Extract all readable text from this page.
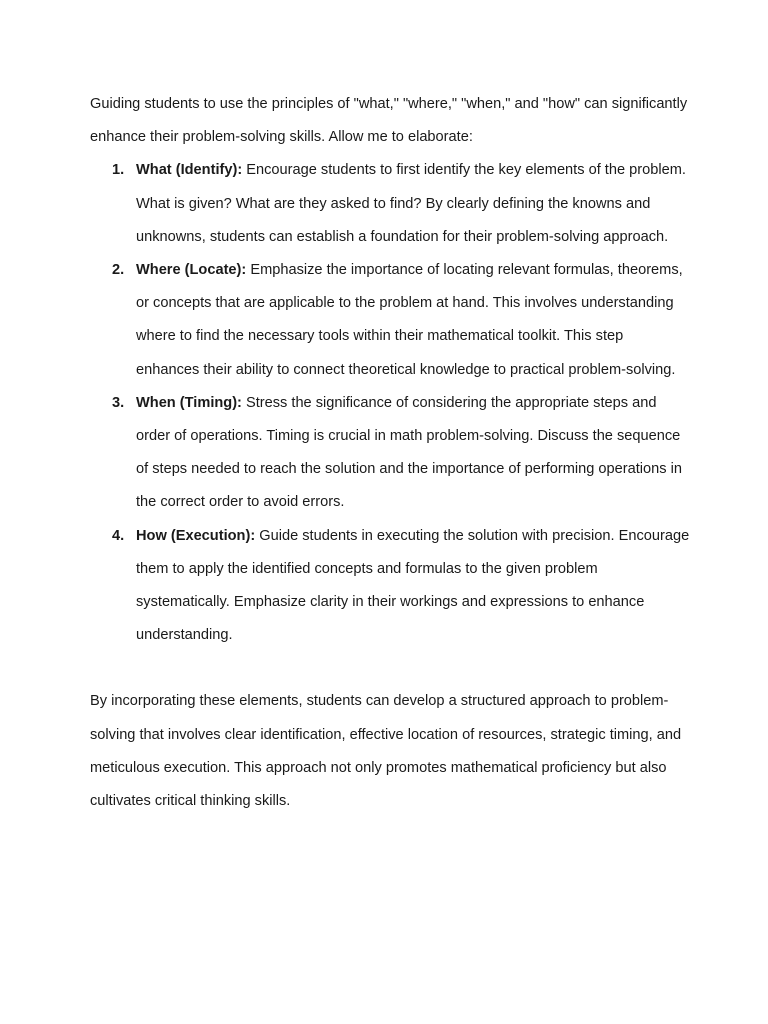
Guiding students to use the principles of "what," "where," "when," and "how" can significantly enhance their problem-solving skills. Allow me to elaborate:

1. What (Identify): Encourage students to first identify the key elements of the problem. What is given? What are they asked to find? By clearly defining the knowns and unknowns, students can establish a foundation for their problem-solving approach.
2. Where (Locate): Emphasize the importance of locating relevant formulas, theorems, or concepts that are applicable to the problem at hand. This involves understanding where to find the necessary tools within their mathematical toolkit. This step enhances their ability to connect theoretical knowledge to practical problem-solving.
3. When (Timing): Stress the significance of considering the appropriate steps and order of operations. Timing is crucial in math problem-solving. Discuss the sequence of steps needed to reach the solution and the importance of performing operations in the correct order to avoid errors.
4. How (Execution): Guide students in executing the solution with precision. Encourage them to apply the identified concepts and formulas to the given problem systematically. Emphasize clarity in their workings and expressions to enhance understanding.

By incorporating these elements, students can develop a structured approach to problem-solving that involves clear identification, effective location of resources, strategic timing, and meticulous execution. This approach not only promotes mathematical proficiency but also cultivates critical thinking skills.
